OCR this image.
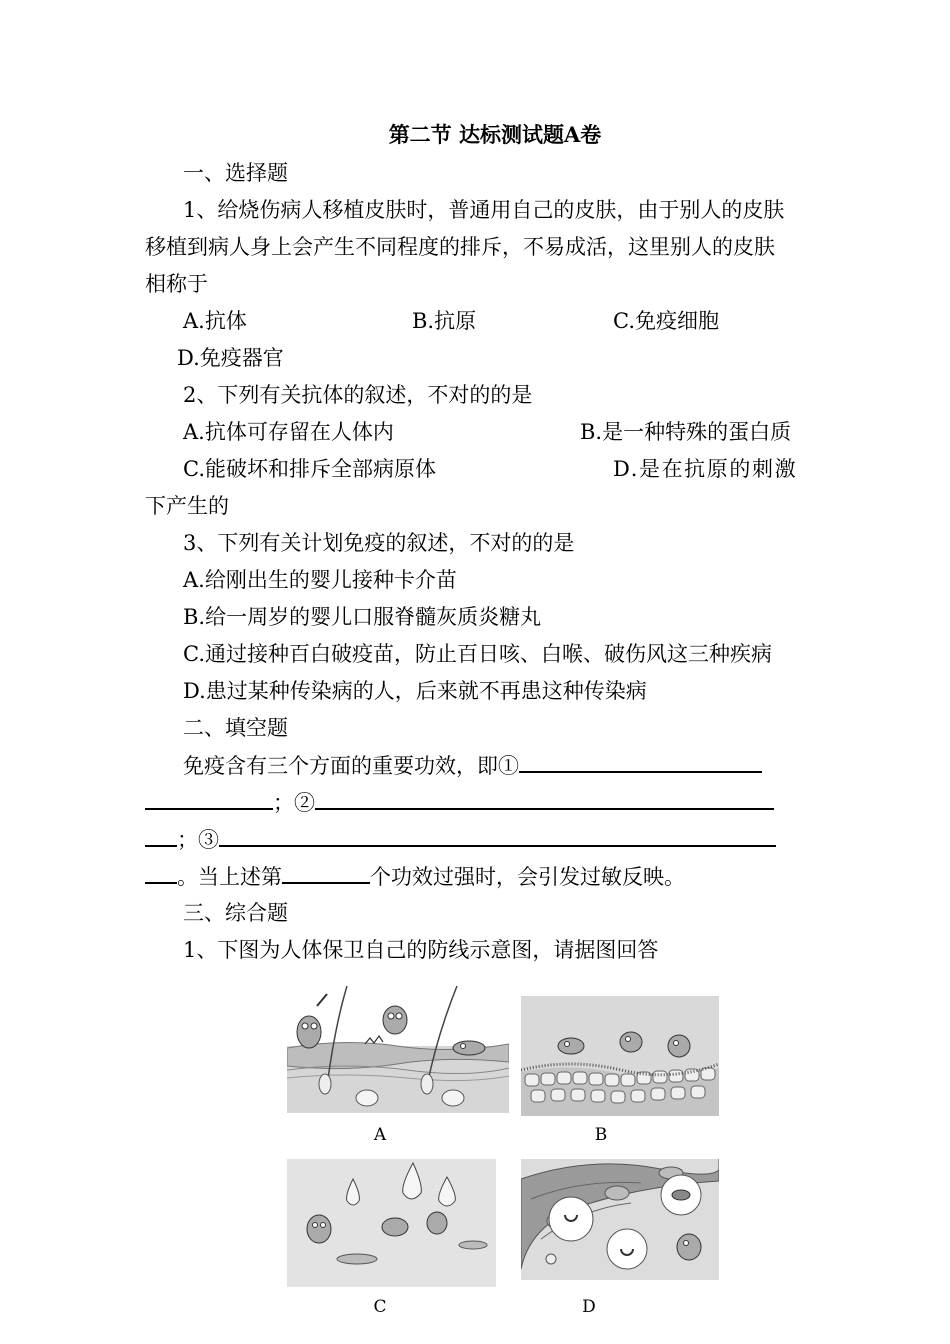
第二节 达标测试题A卷
一、选择题
1、给烧伤病人移植皮肤时，普通用自己的皮肤，由于别人的皮肤
移植到病人身上会产生不同程度的排斥，不易成活，这里别人的皮肤
相称于
A.抗体	B.抗原	C.免疫细胞
D.免疫器官
2、下列有关抗体的叙述，不对的的是
A.抗体可存留在人体内	B.是一种特殊的蛋白质
C.能破坏和排斥全部病原体	D.是在抗原的刺激
下产生的
3、下列有关计划免疫的叙述，不对的的是
A.给刚出生的婴儿接种卡介苗
B.给一周岁的婴儿口服脊髓灰质炎糖丸
C.通过接种百白破疫苗，防止百日咳、白喉、破伤风这三种疾病
D.患过某种传染病的人，后来就不再患这种传染病
二、填空题
免疫含有三个方面的重要功效，即①
；②
；③
。当上述第	个功效过强时，会引发过敏反映。
三、综合题
1、下图为人体保卫自己的防线示意图，请据图回答
A	B
C	D
